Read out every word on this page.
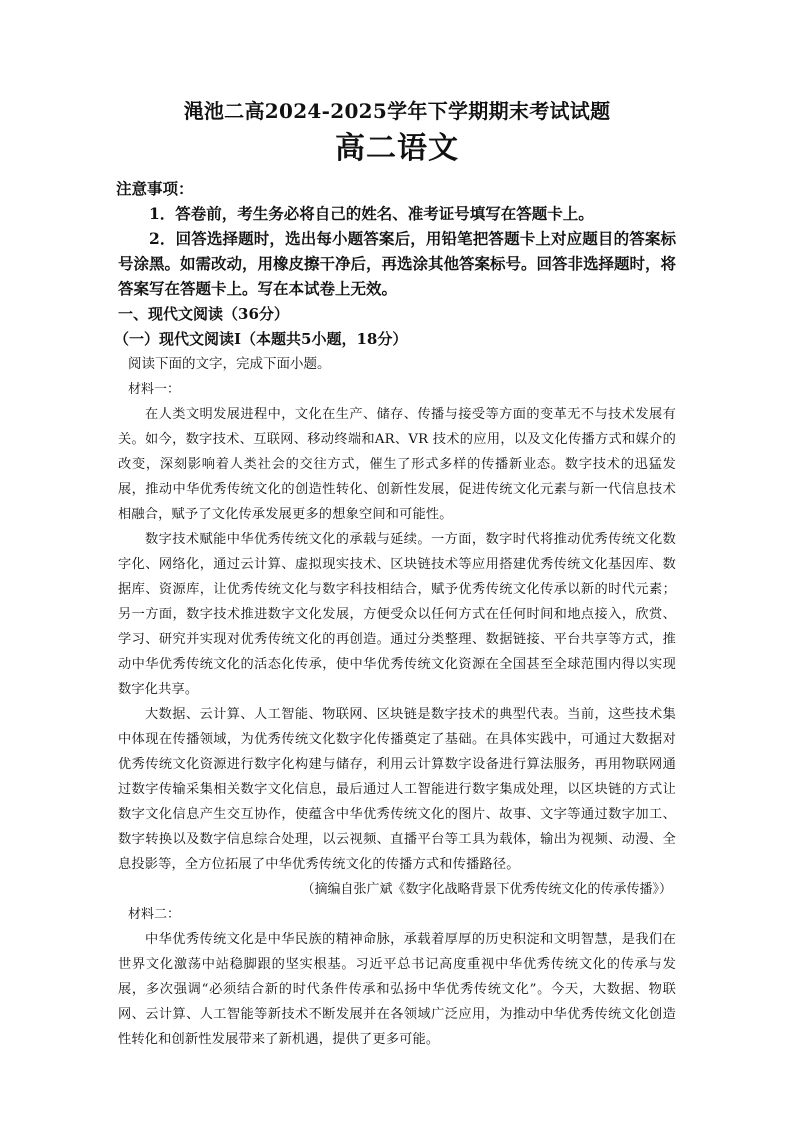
渑池二高2024-2025学年下学期期末考试试题
高二语文
注意事项：

1．答卷前，考生务必将自己的姓名、准考证号填写在答题卡上。

2．回答选择题时，选出每小题答案后，用铅笔把答题卡上对应题目的答案标号涂黑。如需改动，用橡皮擦干净后，再选涂其他答案标号。回答非选择题时，将答案写在答题卡上。写在本试卷上无效。

一、现代文阅读（36分）
（一）现代文阅读Ⅰ（本题共5小题，18分）

阅读下面的文字，完成下面小题。

材料一：

在人类文明发展进程中，文化在生产、储存、传播与接受等方面的变革无不与技术发展有关。如今，数字技术、互联网、移动终端和AR、VR 技术的应用，以及文化传播方式和媒介的改变，深刻影响着人类社会的交往方式，催生了形式多样的传播新业态。数字技术的迅猛发展，推动中华优秀传统文化的创造性转化、创新性发展，促进传统文化元素与新一代信息技术相融合，赋予了文化传承发展更多的想象空间和可能性。

数字技术赋能中华优秀传统文化的承载与延续。一方面，数字时代将推动优秀传统文化数字化、网络化，通过云计算、虚拟现实技术、区块链技术等应用搭建优秀传统文化基因库、数据库、资源库，让优秀传统文化与数字科技相结合，赋予优秀传统文化传承以新的时代元素；另一方面，数字技术推进数字文化发展，方便受众以任何方式在任何时间和地点接入，欣赏、学习、研究并实现对优秀传统文化的再创造。通过分类整理、数据链接、平台共享等方式，推动中华优秀传统文化的活态化传承，使中华优秀传统文化资源在全国甚至全球范围内得以实现数字化共享。

大数据、云计算、人工智能、物联网、区块链是数字技术的典型代表。当前，这些技术集中体现在传播领域，为优秀传统文化数字化传播奠定了基础。在具体实践中，可通过大数据对优秀传统文化资源进行数字化构建与储存，利用云计算数字设备进行算法服务，再用物联网通过数字传输采集相关数字文化信息，最后通过人工智能进行数字集成处理，以区块链的方式让数字文化信息产生交互协作，使蕴含中华优秀传统文化的图片、故事、文字等通过数字加工、数字转换以及数字信息综合处理，以云视频、直播平台等工具为载体，输出为视频、动漫、全息投影等，全方位拓展了中华优秀传统文化的传播方式和传播路径。

（摘编自张广斌《数字化战略背景下优秀传统文化的传承传播》）

材料二：

中华优秀传统文化是中华民族的精神命脉，承载着厚厚的历史积淀和文明智慧，是我们在世界文化激荡中站稳脚跟的坚实根基。习近平总书记高度重视中华优秀传统文化的传承与发展，多次强调“必须结合新的时代条件传承和弘扬中华优秀传统文化”。今天，大数据、物联网、云计算、人工智能等新技术不断发展并在各领域广泛应用，为推动中华优秀传统文化创造性转化和创新性发展带来了新机遇，提供了更多可能。
